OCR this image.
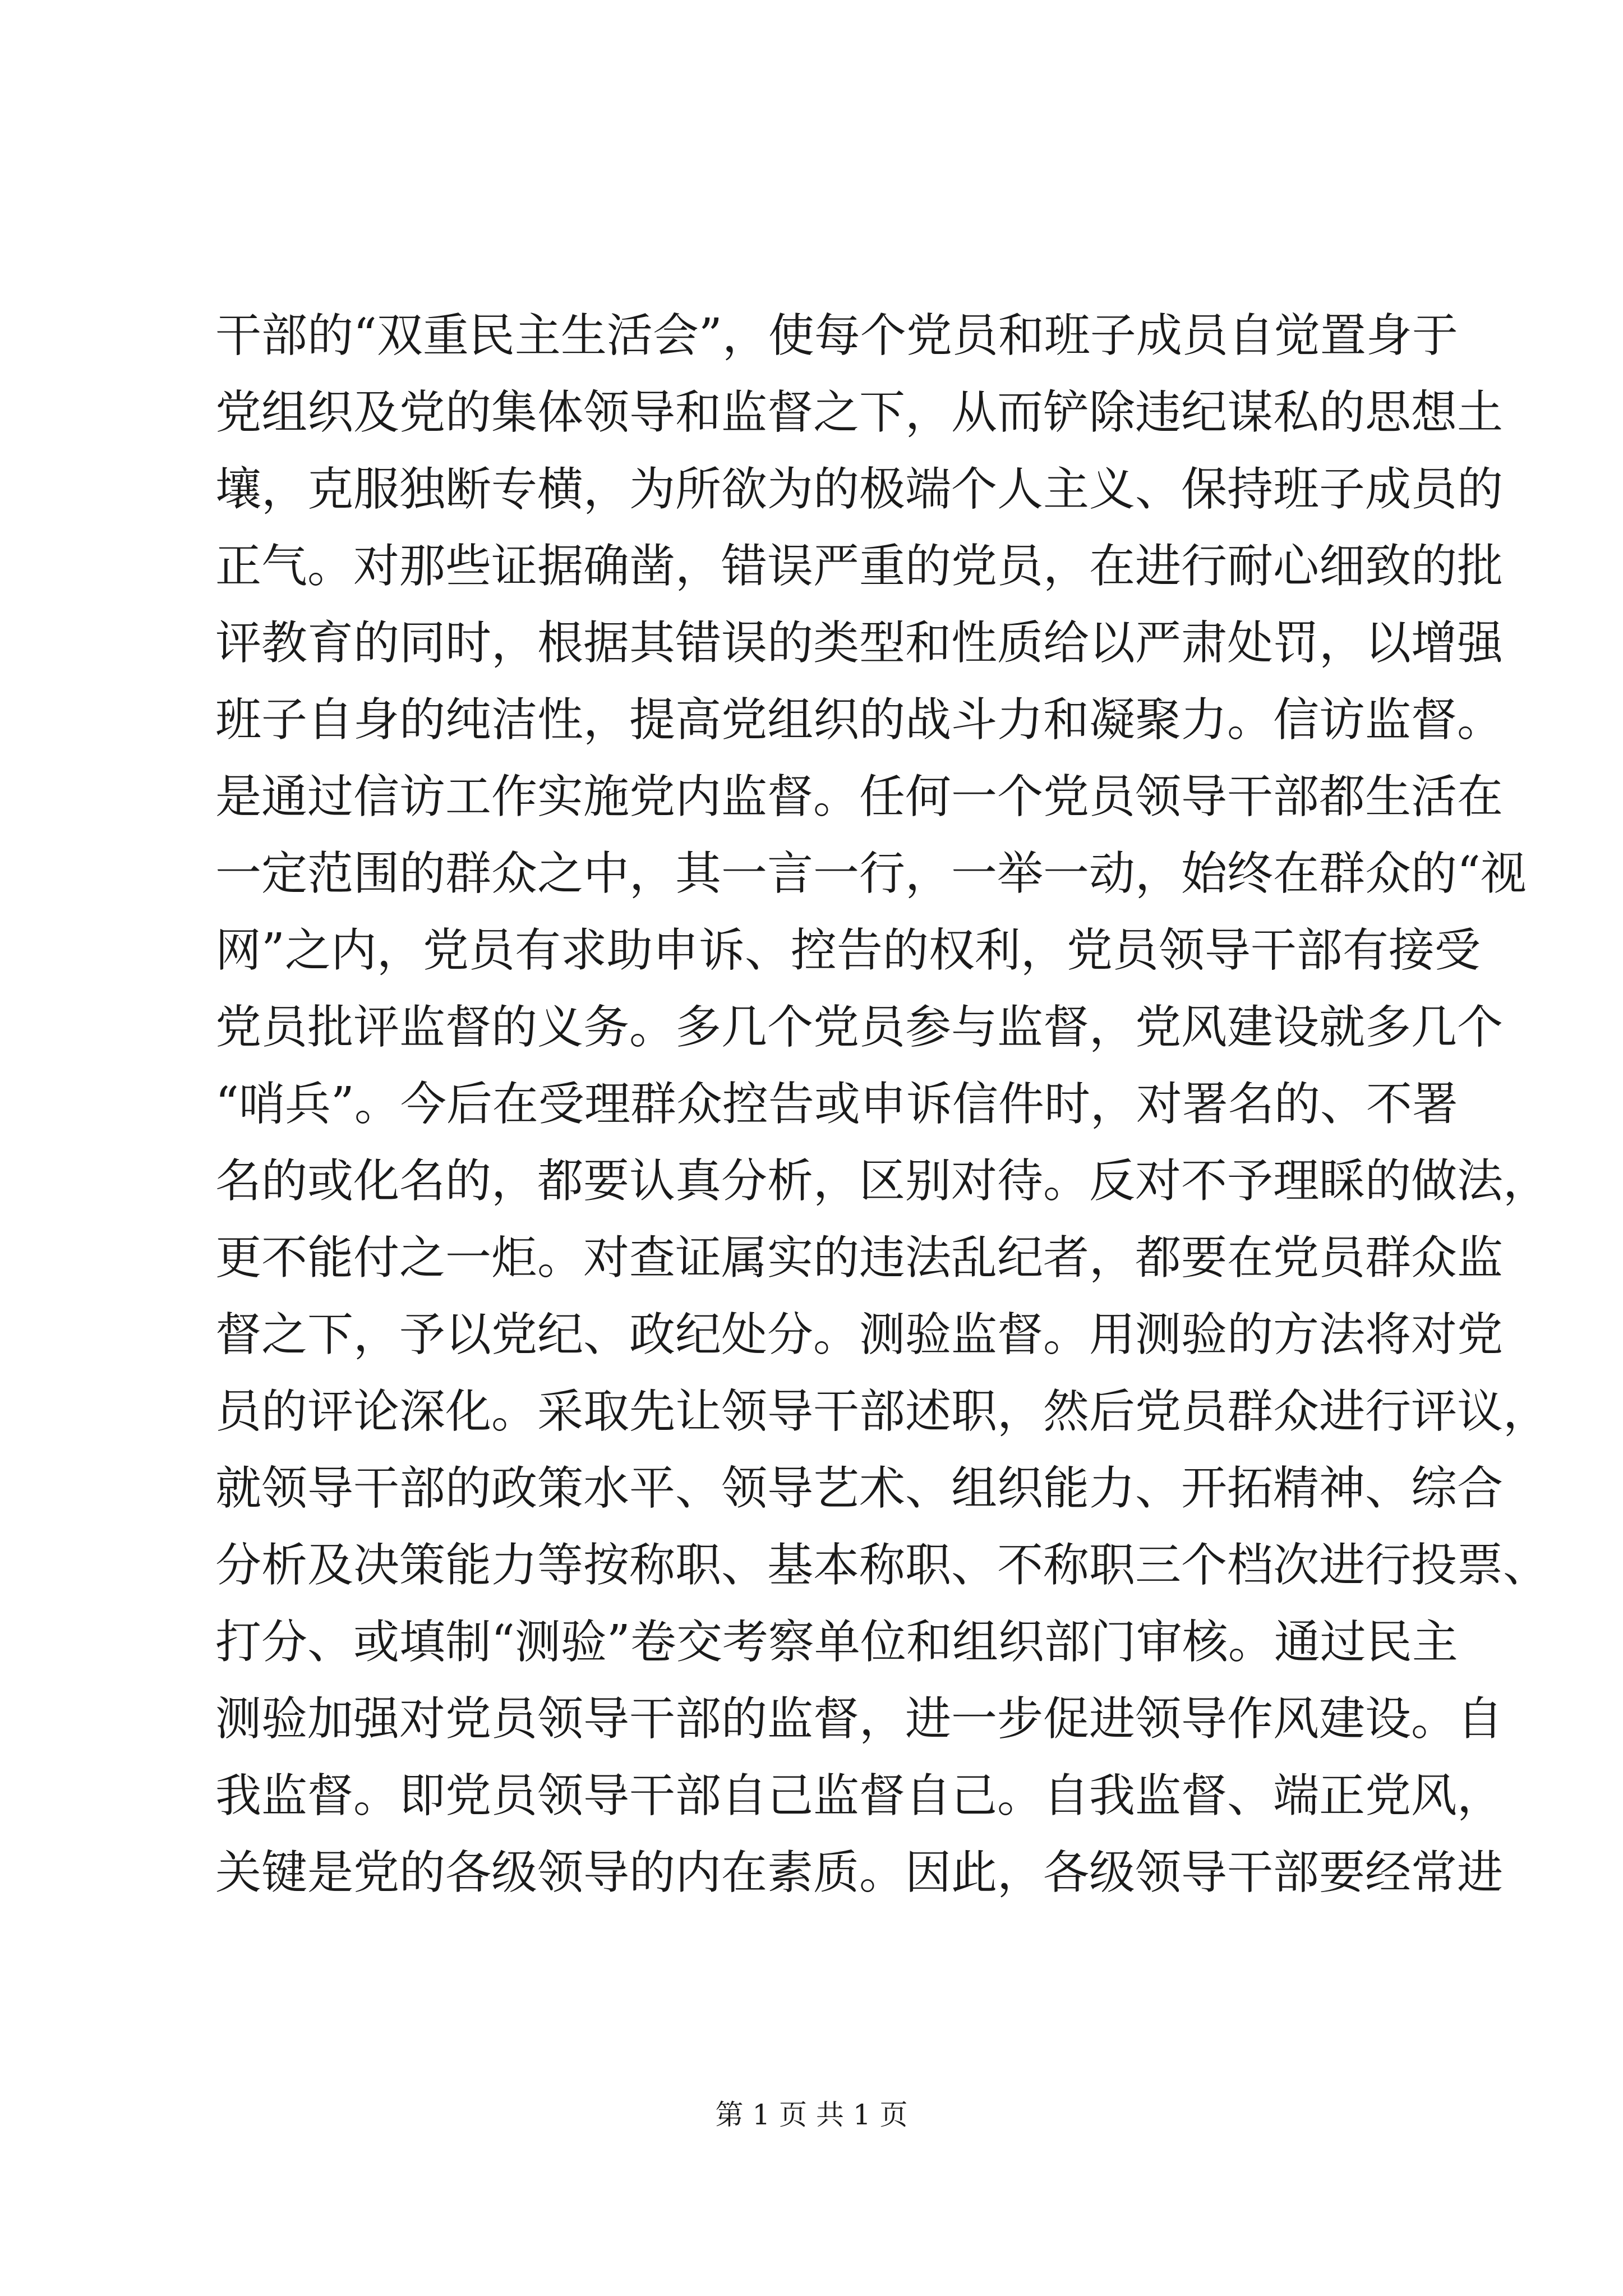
干部的“双重民主生活会”，使每个党员和班子成员自觉置身于
党组织及党的集体领导和监督之下，从而铲除违纪谋私的思想土
壤，克服独断专横，为所欲为的极端个人主义、保持班子成员的
正气。对那些证据确凿，错误严重的党员，在进行耐心细致的批
评教育的同时，根据其错误的类型和性质给以严肃处罚，以增强
班子自身的纯洁性，提高党组织的战斗力和凝聚力。信访监督。
是通过信访工作实施党内监督。任何一个党员领导干部都生活在
一定范围的群众之中，其一言一行，一举一动，始终在群众的“视
网”之内，党员有求助申诉、控告的权利，党员领导干部有接受
党员批评监督的义务。多几个党员参与监督，党风建设就多几个
“哨兵”。今后在受理群众控告或申诉信件时，对署名的、不署
名的或化名的，都要认真分析，区别对待。反对不予理睬的做法，
更不能付之一炬。对查证属实的违法乱纪者，都要在党员群众监
督之下，予以党纪、政纪处分。测验监督。用测验的方法将对党
员的评论深化。采取先让领导干部述职，然后党员群众进行评议，
就领导干部的政策水平、领导艺术、组织能力、开拓精神、综合
分析及决策能力等按称职、基本称职、不称职三个档次进行投票、
打分、或填制“测验”卷交考察单位和组织部门审核。通过民主
测验加强对党员领导干部的监督，进一步促进领导作风建设。自
我监督。即党员领导干部自己监督自己。自我监督、端正党风，
关键是党的各级领导的内在素质。因此，各级领导干部要经常进
第 1 页 共 1 页
